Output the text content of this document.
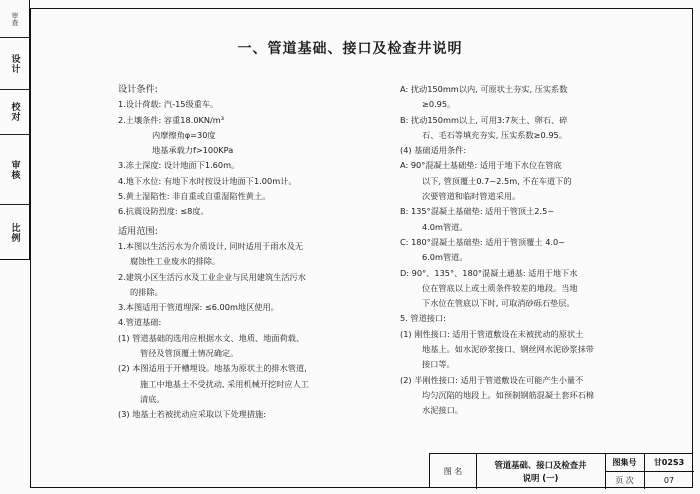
审查
设计
校对
审核
比例
一、管道基础、接口及检查井说明
设计条件:
1.设计荷载: 汽-15级重车。
2.土壤条件: 容重18.0KN/m³
内摩擦角φ=30度
地基承载力f>100KPa
3.冻土深度: 设计地面下1.60m。
4.地下水位: 有地下水时按设计地面下1.00m计。
5.黄土湿陷性: 非自重或自重湿陷性黄土。
6.抗震设防烈度: ≤8度。
适用范围:
1.本图以生活污水为介质设计, 同时适用于雨水及无
腐蚀性工业废水的排除。
2.建筑小区生活污水及工业企业与民用建筑生活污水
的排除。
3.本图适用于管道埋深: ≤6.00m地区使用。
4.管道基础:
(1) 管道基础的选用应根据水文、地质、地面荷载、
管径及管顶覆土情况确定。
(2) 本图适用于开槽埋设。地基为原状土的排水管道,
施工中地基土不受扰动, 采用机械开挖时应人工
清底。
(3) 地基土若被扰动应采取以下处理措施:
A: 扰动150mm以内, 可原状土夯实, 压实系数
≥0.95。
B: 扰动150mm以上, 可用3:7灰土、卵石、碎
石、毛石等填充夯实, 压实系数≥0.95。
(4) 基础适用条件:
A: 90°混凝土基础垫: 适用于地下水位在管底
以下, 管顶覆土0.7~2.5m, 不在车道下的
次要管道和临时管道采用。
B: 135°混凝土基础垫: 适用于管顶土2.5~
4.0m管道。
C: 180°混凝土基础垫: 适用于管顶覆土 4.0~
6.0m管道。
D: 90°、135°、180°混凝土通基: 适用于地下水
位在管底以上或土质条件较差的地段。当地
下水位在管底以下时, 可取消砂砾石垫层。
5. 管道接口:
(1) 刚性接口: 适用于管道敷设在未被扰动的原状土
地基上。如水泥砂浆接口、钢丝网水泥砂浆抹带
接口等。
(2) 半刚性接口: 适用于管道敷设在可能产生小量不
均匀沉陷的地段上。如预制钢筋混凝土套环石棉
水泥接口。
图 名
管道基础、接口及检查井
说明 (一)
图集号	甘02S3
页 次	07
